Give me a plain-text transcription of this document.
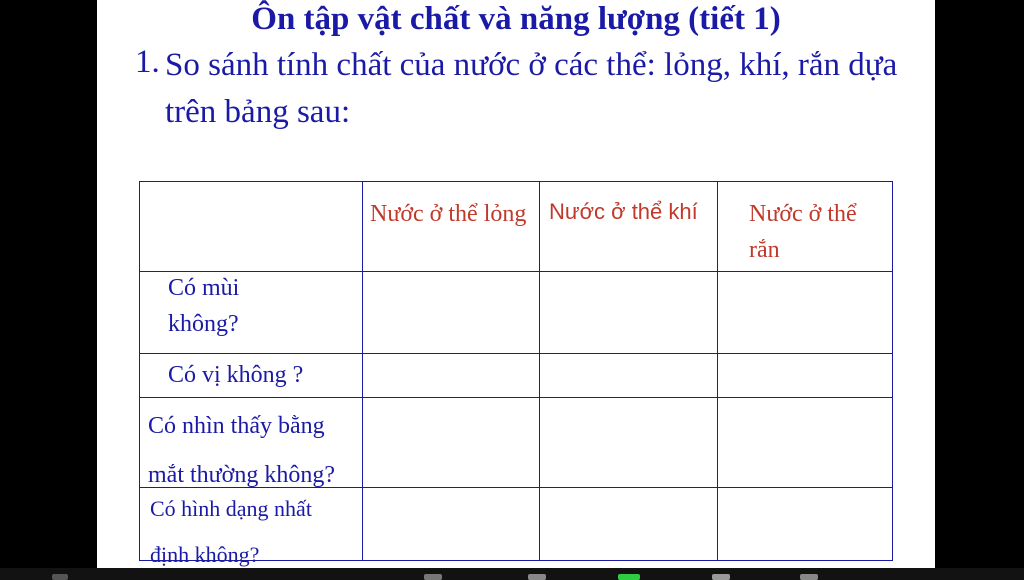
Ôn tập vật chất và năng lượng (tiết 1)
1. So sánh tính chất của nước ở các thể: lỏng, khí, rắn dựa trên bảng sau:
Nước ở thể lỏng Nước ở thể khí	Nước ở thể rắn
Có mùi không?
Có vị không ?
Có nhìn thấy bằng mắt thường không?
Có hình dạng nhất định không?
